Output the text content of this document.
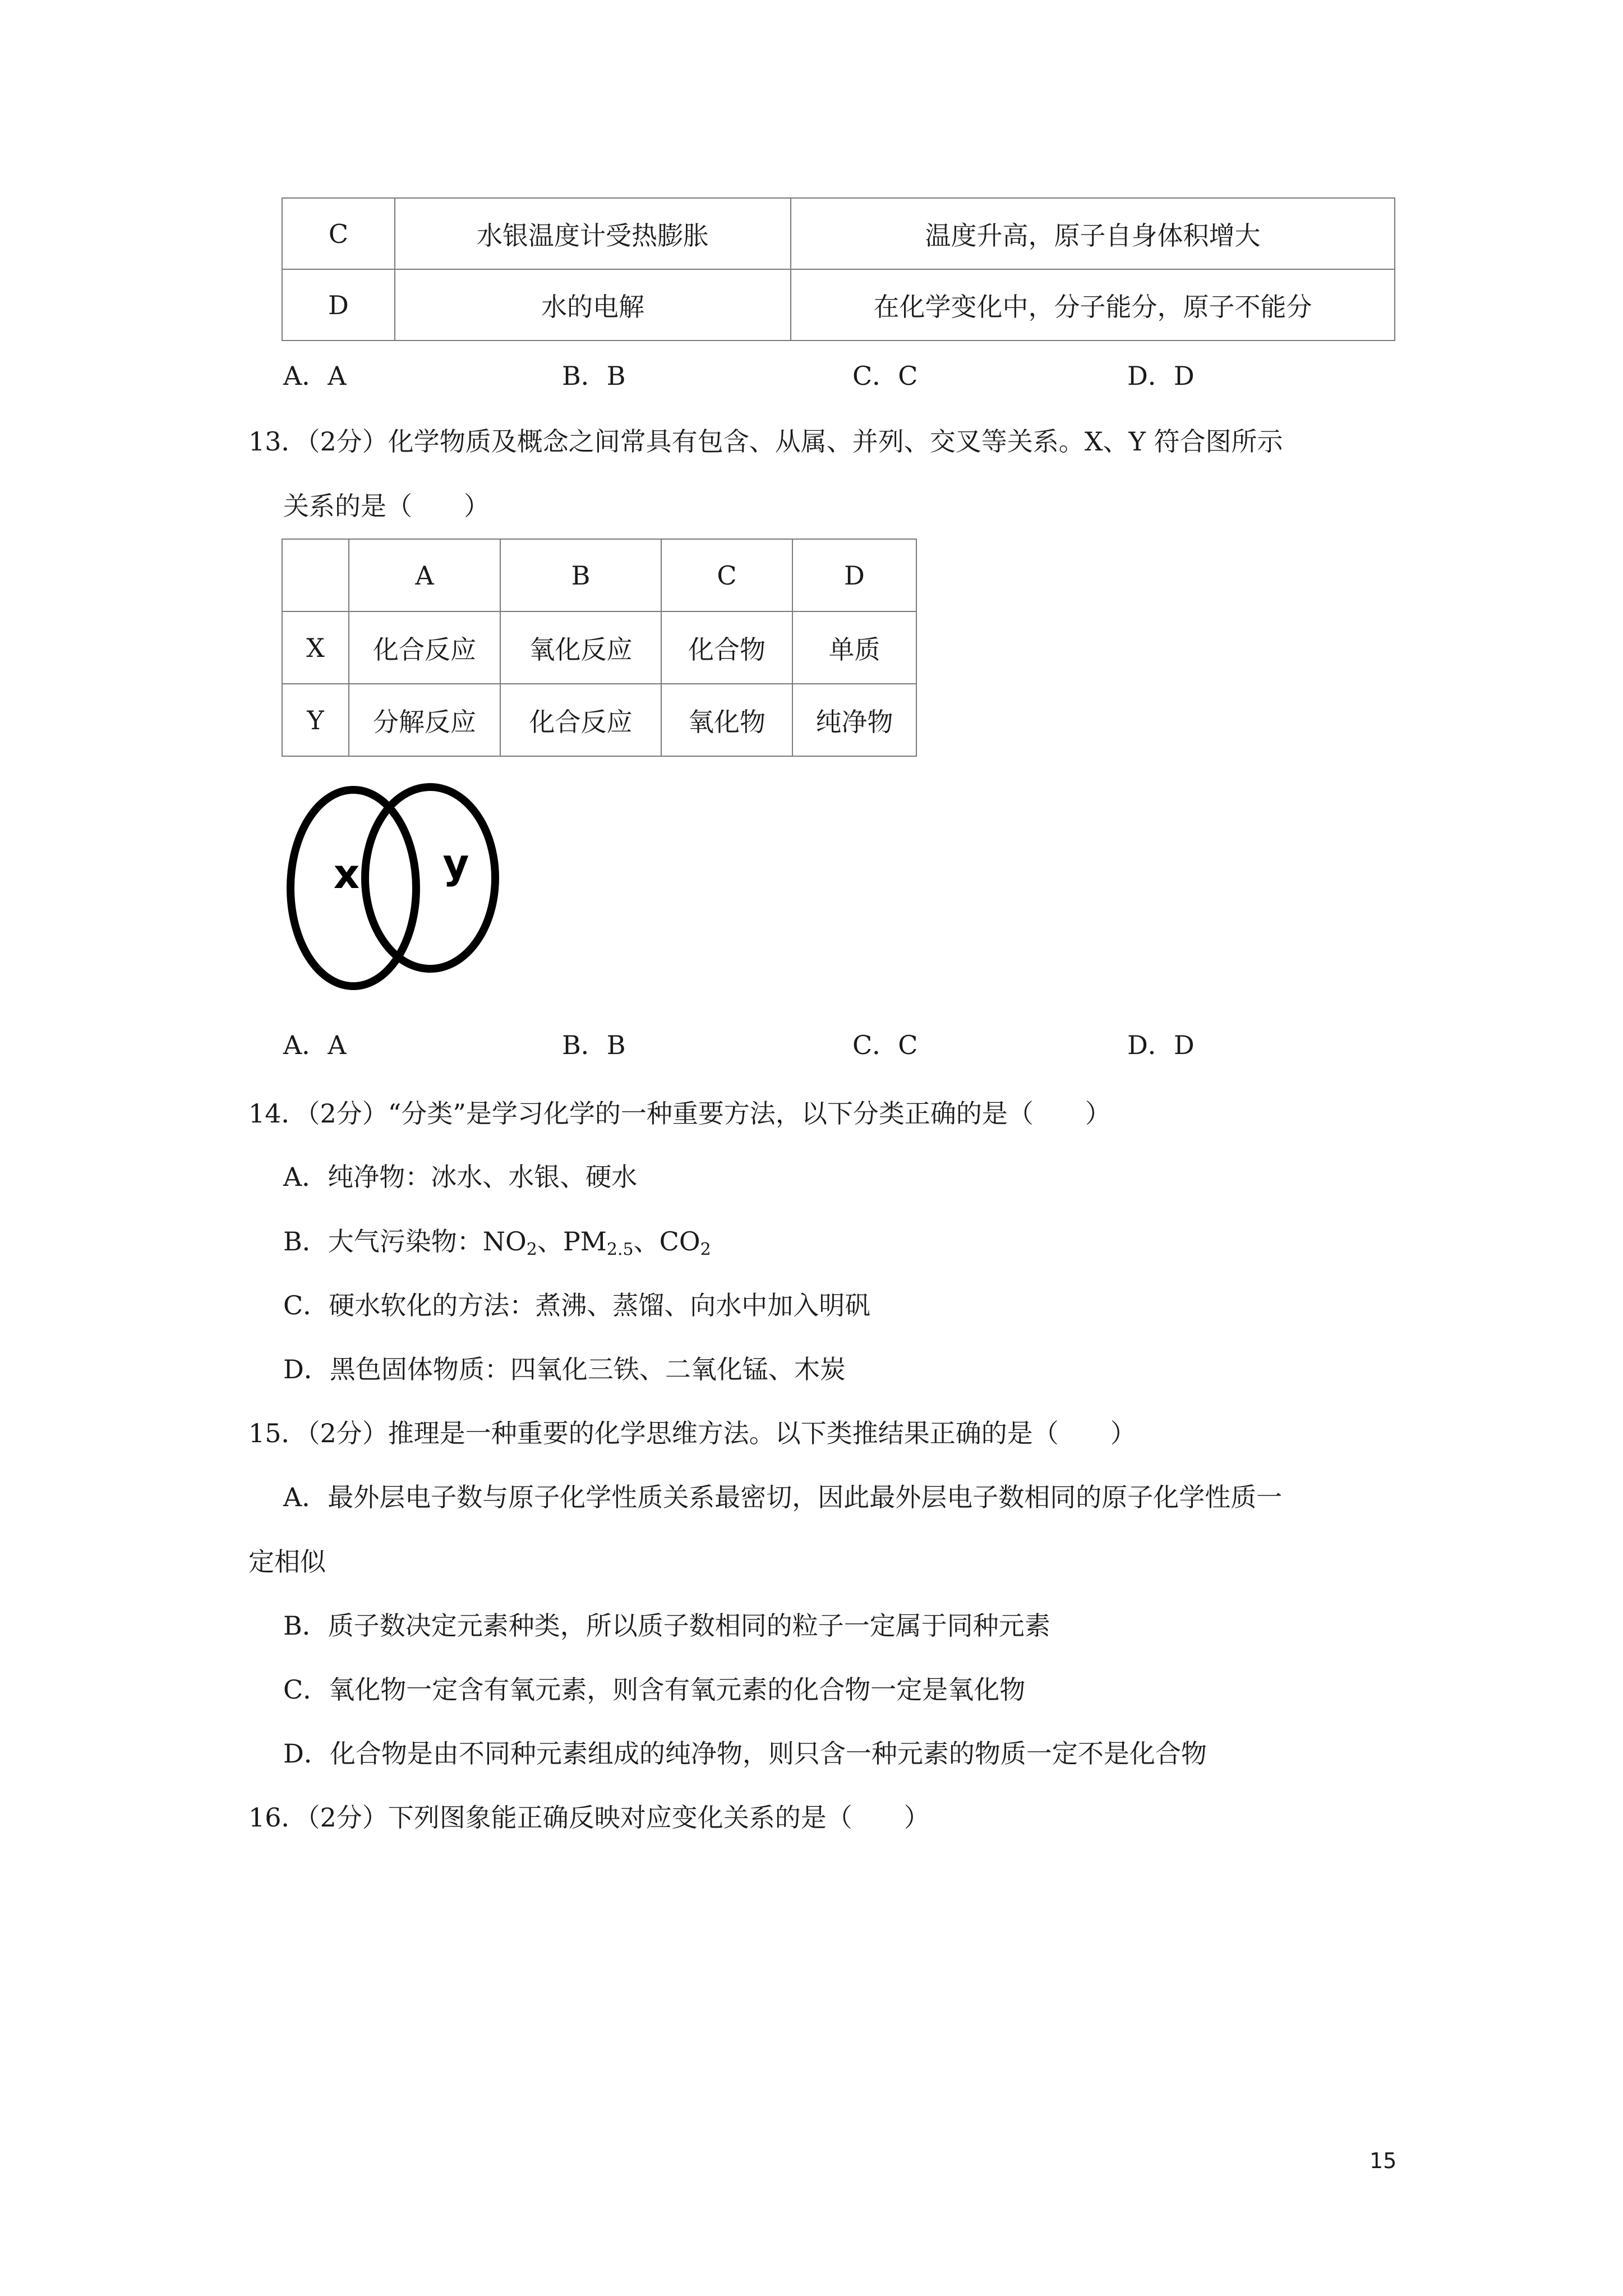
C	水银温度计受热膨胀	温度升高，原子自身体积增大
D	水的电解	在化学变化中，分子能分，原子不能分
A．A	B．B	C．C	D．D
13．（2分）化学物质及概念之间常具有包含、从属、并列、交叉等关系。X、Y 符合图所示
关系的是（　　）
	A	B	C	D
X	化合反应	氧化反应	化合物	单质
Y	分解反应	化合反应	氧化物	纯净物
x y
A．A	B．B	C．C	D．D
14．（2分）“分类”是学习化学的一种重要方法，以下分类正确的是（　　）
A．纯净物：冰水、水银、硬水
B．大气污染物：$NO_2$、$PM_{2.5}$、$CO_2$
C．硬水软化的方法：煮沸、蒸馏、向水中加入明矾
D．黑色固体物质：四氧化三铁、二氧化锰、木炭
15．（2分）推理是一种重要的化学思维方法。以下类推结果正确的是（　　）
A．最外层电子数与原子化学性质关系最密切，因此最外层电子数相同的原子化学性质一
定相似
B．质子数决定元素种类，所以质子数相同的粒子一定属于同种元素
C．氧化物一定含有氧元素，则含有氧元素的化合物一定是氧化物
D．化合物是由不同种元素组成的纯净物，则只含一种元素的物质一定不是化合物
16．（2分）下列图象能正确反映对应变化关系的是（　　）
15
